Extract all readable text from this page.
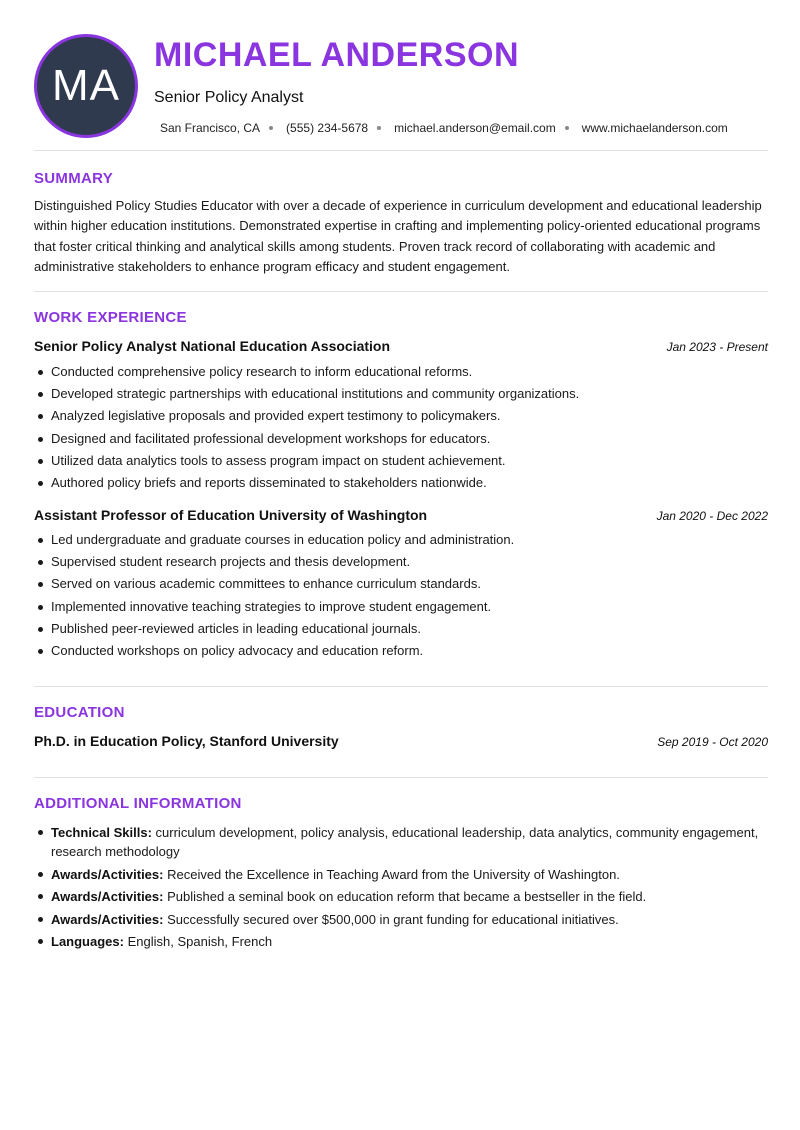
MA
MICHAEL ANDERSON
Senior Policy Analyst
San Francisco, CA (555) 234-5678 michael.anderson@email.com www.michaelanderson.com
SUMMARY
Distinguished Policy Studies Educator with over a decade of experience in curriculum development and educational leadership within higher education institutions. Demonstrated expertise in crafting and implementing policy-oriented educational programs that foster critical thinking and analytical skills among students. Proven track record of collaborating with academic and administrative stakeholders to enhance program efficacy and student engagement.
WORK EXPERIENCE
Senior Policy Analyst National Education Association	Jan 2023 - Present
Conducted comprehensive policy research to inform educational reforms.
Developed strategic partnerships with educational institutions and community organizations.
Analyzed legislative proposals and provided expert testimony to policymakers.
Designed and facilitated professional development workshops for educators.
Utilized data analytics tools to assess program impact on student achievement.
Authored policy briefs and reports disseminated to stakeholders nationwide.
Assistant Professor of Education University of Washington	Jan 2020 - Dec 2022
Led undergraduate and graduate courses in education policy and administration.
Supervised student research projects and thesis development.
Served on various academic committees to enhance curriculum standards.
Implemented innovative teaching strategies to improve student engagement.
Published peer-reviewed articles in leading educational journals.
Conducted workshops on policy advocacy and education reform.
EDUCATION
Ph.D. in Education Policy, Stanford University	Sep 2019 - Oct 2020
ADDITIONAL INFORMATION
Technical Skills: curriculum development, policy analysis, educational leadership, data analytics, community engagement, research methodology
Awards/Activities: Received the Excellence in Teaching Award from the University of Washington.
Awards/Activities: Published a seminal book on education reform that became a bestseller in the field.
Awards/Activities: Successfully secured over $500,000 in grant funding for educational initiatives.
Languages: English, Spanish, French
